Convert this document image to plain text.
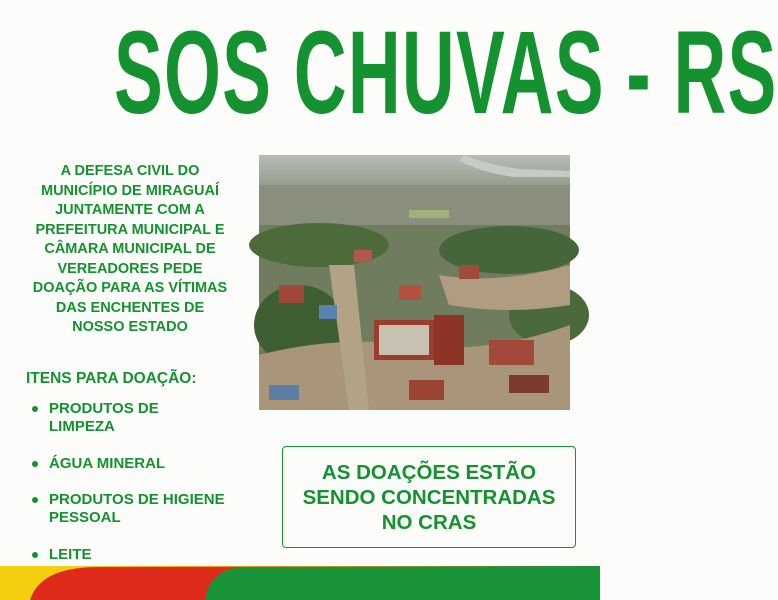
SOS CHUVAS - RS

A DEFESA CIVIL DO
MUNICÍPIO DE MIRAGUAÍ
JUNTAMENTE COM A
PREFEITURA MUNICIPAL E
CÂMARA MUNICIPAL DE
VEREADORES PEDE
DOAÇÃO PARA AS VÍTIMAS
DAS ENCHENTES DE
NOSSO ESTADO

ITENS PARA DOAÇÃO:

PRODUTOS DE
LIMPEZA
ÁGUA MINERAL
PRODUTOS DE HIGIENE
PESSOAL
LEITE

AS DOAÇÕES ESTÃO
SENDO CONCENTRADAS
NO CRAS
